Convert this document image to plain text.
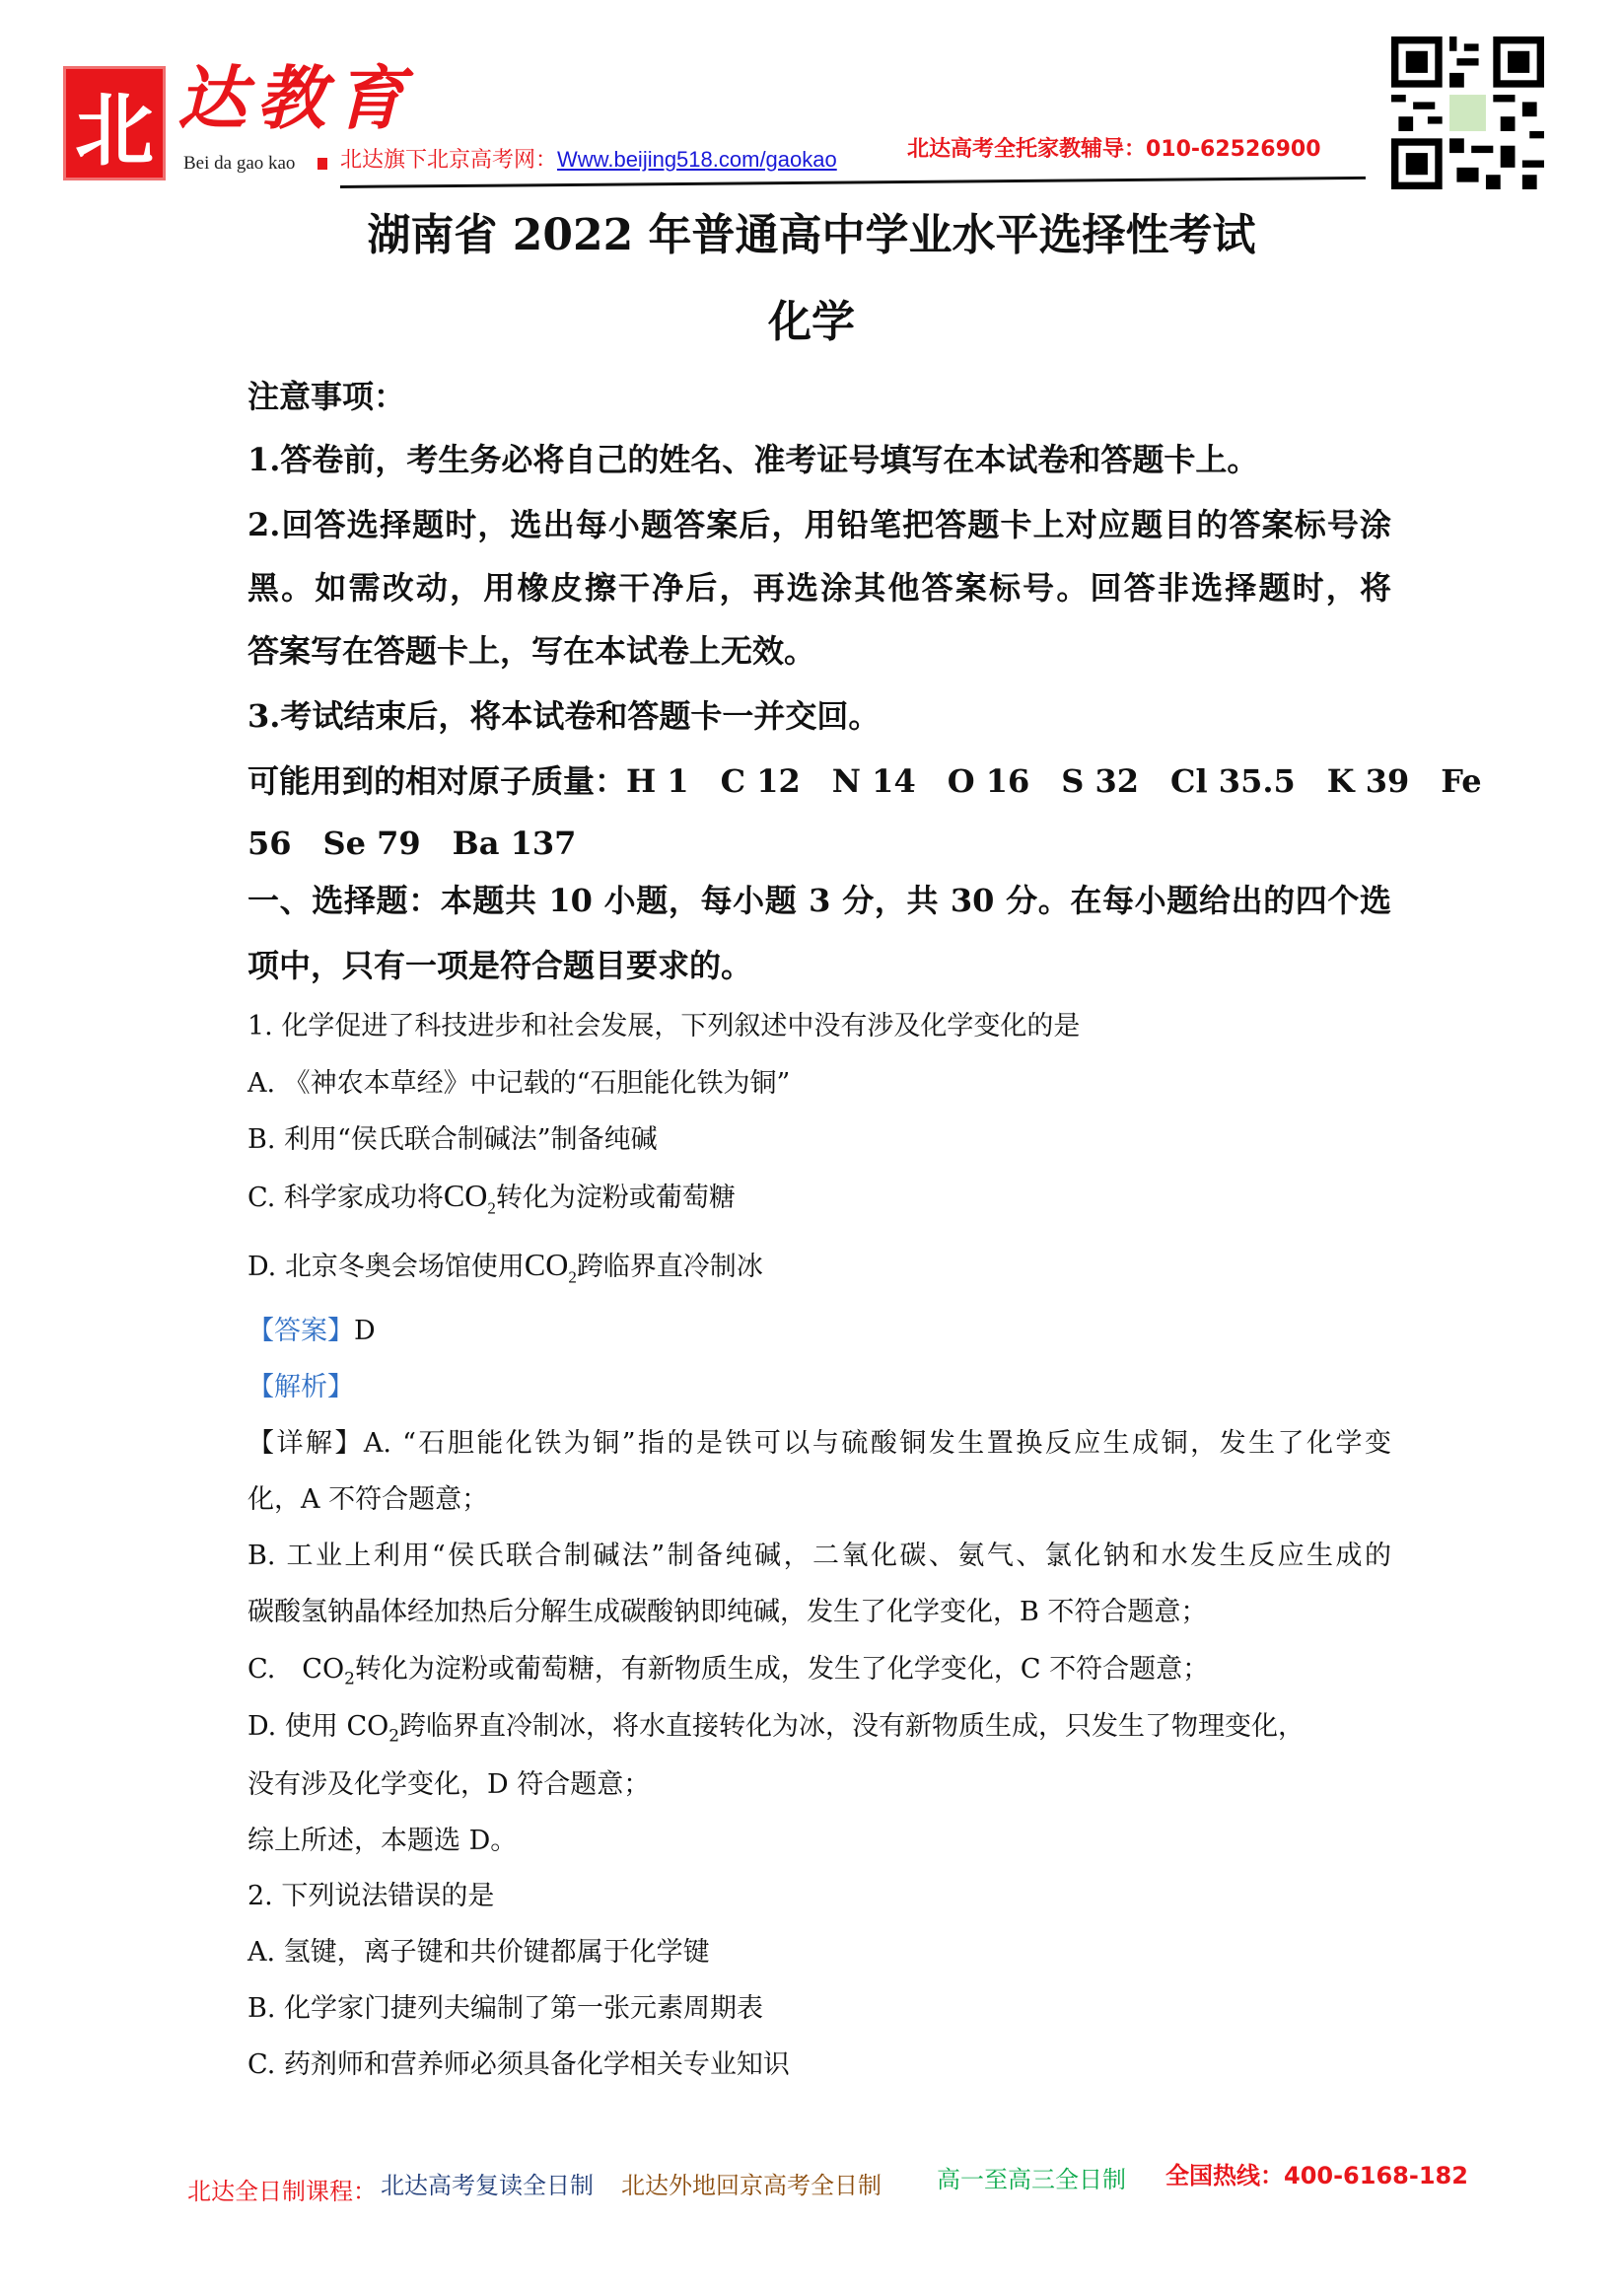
北 达教育
Bei da gao kao 北达旗下北京高考网：Www.beijing518.com/gaokao	北达高考全托家教辅导：010-62526900
湖南省 2022 年普通高中学业水平选择性考试
化学
注意事项：
1.答卷前，考生务必将自己的姓名、准考证号填写在本试卷和答题卡上。
2.回答选择题时，选出每小题答案后，用铅笔把答题卡上对应题目的答案标号涂
黑。如需改动，用橡皮擦干净后，再选涂其他答案标号。回答非选择题时，将
答案写在答题卡上，写在本试卷上无效。
3.考试结束后，将本试卷和答题卡一并交回。
可能用到的相对原子质量：H 1　C 12　N 14　O 16　S 32　Cl 35.5　K 39　Fe
56　Se 79　Ba 137
一、选择题：本题共 10 小题，每小题 3 分，共 30 分。在每小题给出的四个选
项中，只有一项是符合题目要求的。
1. 化学促进了科技进步和社会发展，下列叙述中没有涉及化学变化的是
A. 《神农本草经》中记载的“石胆能化铁为铜”
B. 利用“侯氏联合制碱法”制备纯碱
C. 科学家成功将$CO_2$转化为淀粉或葡萄糖
D. 北京冬奥会场馆使用$CO_2$跨临界直冷制冰
【答案】D
【解析】
【详解】A. “石胆能化铁为铜”指的是铁可以与硫酸铜发生置换反应生成铜，发生了化学变
化，A 不符合题意；
B. 工业上利用“侯氏联合制碱法”制备纯碱，二氧化碳、氨气、氯化钠和水发生反应生成的
碳酸氢钠晶体经加热后分解生成碳酸钠即纯碱，发生了化学变化，B 不符合题意；
C.　$CO_2$转化为淀粉或葡萄糖，有新物质生成，发生了化学变化，C 不符合题意；
D. 使用 $CO_2$跨临界直冷制冰，将水直接转化为冰，没有新物质生成，只发生了物理变化，
没有涉及化学变化，D 符合题意；
综上所述，本题选 D。
2. 下列说法错误的是
A. 氢键，离子键和共价键都属于化学键
B. 化学家门捷列夫编制了第一张元素周期表
C. 药剂师和营养师必须具备化学相关专业知识
北达全日制课程： 北达高考复读全日制 北达外地回京高考全日制 高一至高三全日制 全国热线：400-6168-182
